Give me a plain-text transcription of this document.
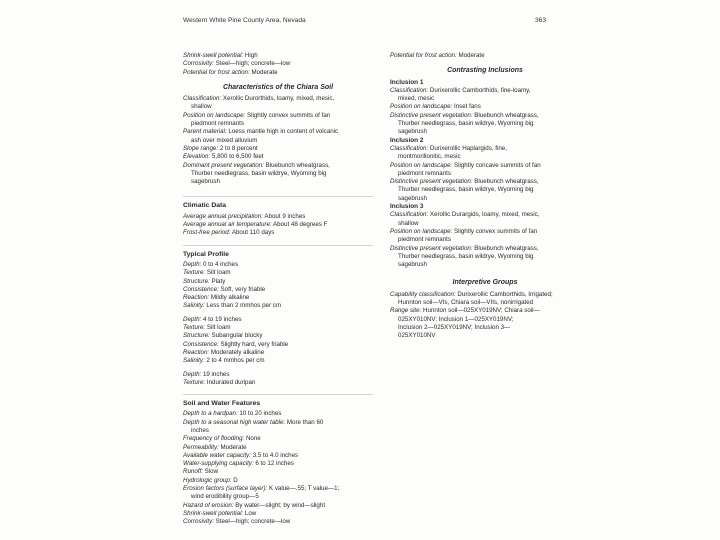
Western White Pine County Area, Nevada	363
Shrink-swell potential: High
Corrosivity: Steel—high; concrete—low
Potential for frost action: Moderate
Characteristics of the Chiara Soil
Classification: Xerollic Durorthids, loamy, mixed, mesic,
shallow
Position on landscape: Slightly convex summits of fan
piedmont remnants
Parent material: Loess mantle high in content of volcanic
ash over mixed alluvium
Slope range: 2 to 8 percent
Elevation: 5,800 to 6,500 feet
Dominant present vegetation: Bluebunch wheatgrass,
Thurber needlegrass, basin wildrye, Wyoming big
sagebrush
Climatic Data
Average annual precipitation: About 9 inches
Average annual air temperature: About 48 degrees F
Frost-free period: About 110 days
Typical Profile
Depth: 0 to 4 inches
Texture: Silt loam
Structure: Platy
Consistence: Soft, very friable
Reaction: Mildly alkaline
Salinity: Less than 2 mmhos per cm
Depth: 4 to 19 inches
Texture: Silt loam
Structure: Subangular blocky
Consistence: Slightly hard, very friable
Reaction: Moderately alkaline
Salinity: 2 to 4 mmhos per cm
Depth: 19 inches
Texture: Indurated duripan
Soil and Water Features
Depth to a hardpan: 10 to 20 inches
Depth to a seasonal high water table: More than 60
inches
Frequency of flooding: None
Permeability: Moderate
Available water capacity: 3.5 to 4.0 inches
Water-supplying capacity: 6 to 12 inches
Runoff: Slow
Hydrologic group: D
Erosion factors (surface layer): K value—.55; T value—1;
wind erodibility group—5
Hazard of erosion: By water—slight; by wind—slight
Shrink-swell potential: Low
Corrosivity: Steel—high; concrete—low
Potential for frost action: Moderate
Contrasting Inclusions
Inclusion 1
Classification: Durixerollic Camborthids, fine-loamy,
mixed, mesic
Position on landscape: Inset fans
Distinctive present vegetation: Bluebunch wheatgrass,
Thurber needlegrass, basin wildrye, Wyoming big
sagebrush
Inclusion 2
Classification: Durixerollic Haplargids, fine,
montmorillonitic, mesic
Position on landscape: Slightly concave summits of fan
piedmont remnants
Distinctive present vegetation: Bluebunch wheatgrass,
Thurber needlegrass, basin wildrye, Wyoming big
sagebrush
Inclusion 3
Classification: Xerollic Durargids, loamy, mixed, mesic,
shallow
Position on landscape: Slightly convex summits of fan
piedmont remnants
Distinctive present vegetation: Bluebunch wheatgrass,
Thurber needlegrass, basin wildrye, Wyoming big
sagebrush
Interpretive Groups
Capability classification: Durixerollic Camborthids, Irrigated;
Hunnton soil—VIs, Chiara soil—VIIs, nonirrigated
Range site: Hunnton soil—025XY019NV; Chiara soil—
025XY010NV; Inclusion 1—025XY019NV;
Inclusion 2—025XY019NV; Inclusion 3—
025XY010NV
